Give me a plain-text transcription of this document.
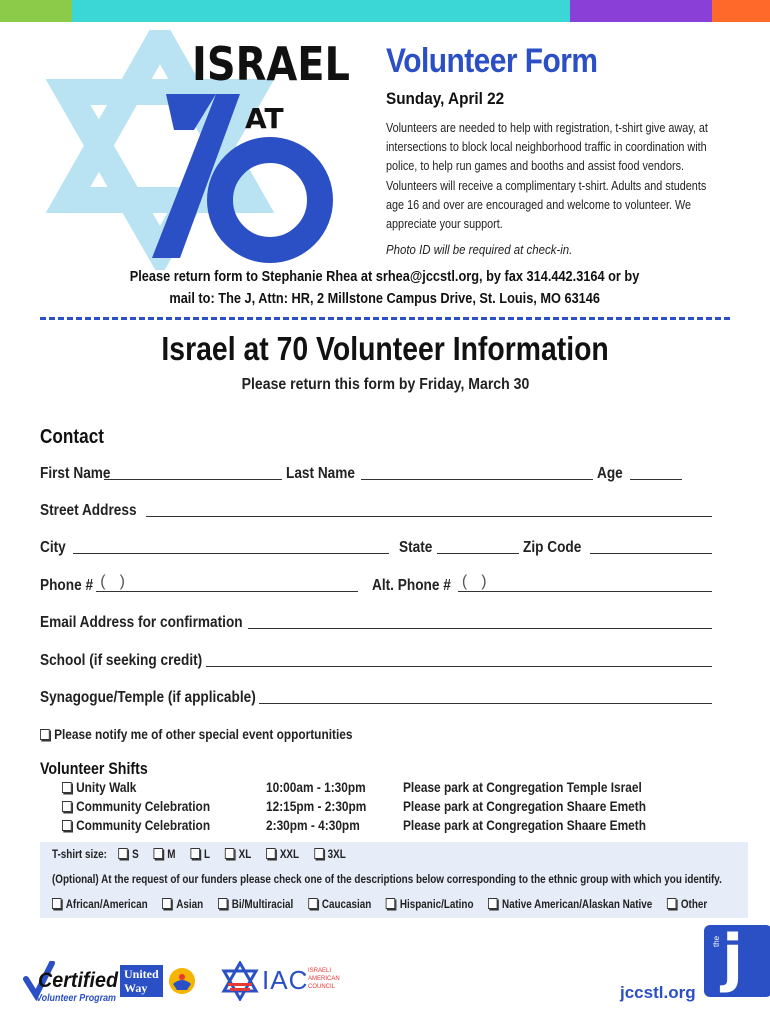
ISRAEL
AT
Volunteer Form
Sunday, April 22
Volunteers are needed to help with registration, t-shirt give away, at intersections to block local neighborhood traffic in coordination with police, to help run games and booths and assist food vendors. Volunteers will receive a complimentary t-shirt. Adults and students age 16 and over are encouraged and welcome to volunteer. We appreciate your support.
Photo ID will be required at check-in.
Please return form to Stephanie Rhea at srhea@jccstl.org, by fax 314.442.3164 or by
mail to: The J, Attn: HR, 2 Millstone Campus Drive, St. Louis, MO 63146
Israel at 70 Volunteer Information
Please return this form by Friday, March 30
Contact
First Name	Last Name	Age
Street Address
City	State	Zip Code
Phone # ()	Alt. Phone # ()
Email Address for confirmation
School (if seeking credit)
Synagogue/Temple (if applicable)
Please notify me of other special event opportunities
Volunteer Shifts
Unity Walk	10:00am - 1:30pm	Please park at Congregation Temple Israel
Community Celebration	12:15pm - 2:30pm	Please park at Congregation Shaare Emeth
Community Celebration	2:30pm - 4:30pm	Please park at Congregation Shaare Emeth
T-shirt size: S M L XL XXL 3XL
(Optional) At the request of our funders please check one of the descriptions below corresponding to the ethnic group with which you identify.
African/American Asian Bi/Multiracial Caucasian Hispanic/Latino Native American/Alaskan Native Other
Certified
Volunteer Program
United
Way	IAC ISRAELI AMERICAN COUNCIL
the j
jccstl.org
